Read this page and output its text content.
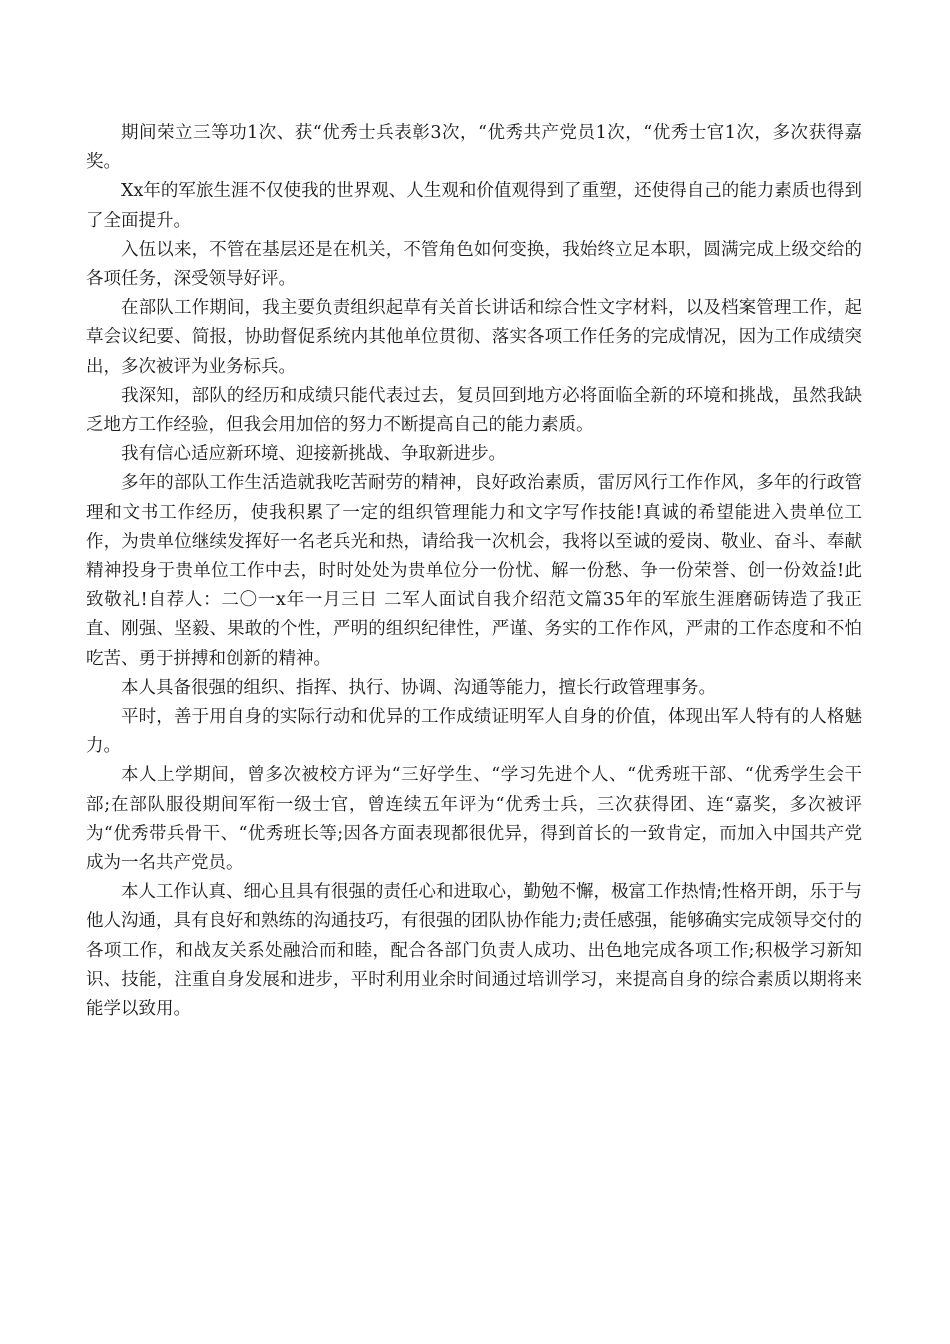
期间荣立三等功1次、获“优秀士兵表彰3次，“优秀共产党员1次，“优秀士官1次，多次获得嘉奖。

Xx年的军旅生涯不仅使我的世界观、人生观和价值观得到了重塑，还使得自己的能力素质也得到了全面提升。

入伍以来，不管在基层还是在机关，不管角色如何变换，我始终立足本职，圆满完成上级交给的各项任务，深受领导好评。

在部队工作期间，我主要负责组织起草有关首长讲话和综合性文字材料，以及档案管理工作，起草会议纪要、简报，协助督促系统内其他单位贯彻、落实各项工作任务的完成情况，因为工作成绩突出，多次被评为业务标兵。

我深知，部队的经历和成绩只能代表过去，复员回到地方必将面临全新的环境和挑战，虽然我缺乏地方工作经验，但我会用加倍的努力不断提高自己的能力素质。

我有信心适应新环境、迎接新挑战、争取新进步。

多年的部队工作生活造就我吃苦耐劳的精神，良好政治素质，雷厉风行工作作风，多年的行政管理和文书工作经历，使我积累了一定的组织管理能力和文字写作技能!真诚的希望能进入贵单位工作，为贵单位继续发挥好一名老兵光和热，请给我一次机会，我将以至诚的爱岗、敬业、奋斗、奉献精神投身于贵单位工作中去，时时处处为贵单位分一份忧、解一份愁、争一份荣誉、创一份效益!此致敬礼!自荐人：二〇一x年一月三日 二军人面试自我介绍范文篇35年的军旅生涯磨砺铸造了我正直、刚强、坚毅、果敢的个性，严明的组织纪律性，严谨、务实的工作作风，严肃的工作态度和不怕吃苦、勇于拼搏和创新的精神。

本人具备很强的组织、指挥、执行、协调、沟通等能力，擅长行政管理事务。

平时，善于用自身的实际行动和优异的工作成绩证明军人自身的价值，体现出军人特有的人格魅力。

本人上学期间，曾多次被校方评为“三好学生、“学习先进个人、“优秀班干部、“优秀学生会干部;在部队服役期间军衔一级士官，曾连续五年评为“优秀士兵，三次获得团、连“嘉奖，多次被评为“优秀带兵骨干、“优秀班长等;因各方面表现都很优异，得到首长的一致肯定，而加入中国共产党成为一名共产党员。

本人工作认真、细心且具有很强的责任心和进取心，勤勉不懈，极富工作热情;性格开朗，乐于与他人沟通，具有良好和熟练的沟通技巧，有很强的团队协作能力;责任感强，能够确实完成领导交付的各项工作，和战友关系处融洽而和睦，配合各部门负责人成功、出色地完成各项工作;积极学习新知识、技能，注重自身发展和进步，平时利用业余时间通过培训学习，来提高自身的综合素质以期将来能学以致用。
